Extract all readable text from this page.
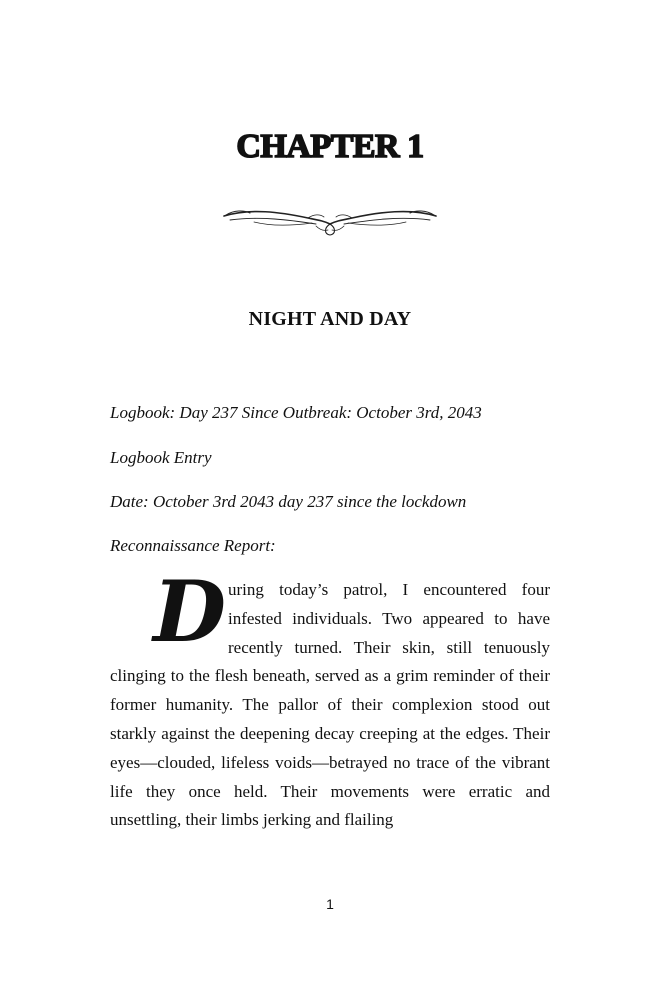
CHAPTER 1
NIGHT AND DAY

Logbook: Day 237 Since Outbreak: October 3rd, 2043

Logbook Entry

Date: October 3rd 2043 day 237 since the lockdown

Reconnaissance Report:

D uring today’s patrol, I encountered four infested individuals. Two appeared to have recently turned. Their skin, still tenuously clinging to the flesh beneath, served as a grim reminder of their former humanity. The pallor of their complexion stood out starkly against the deepening decay creeping at the edges. Their eyes—clouded, lifeless voids—betrayed no trace of the vibrant life they once held. Their movements were erratic and unsettling, their limbs jerking and flailing

1
